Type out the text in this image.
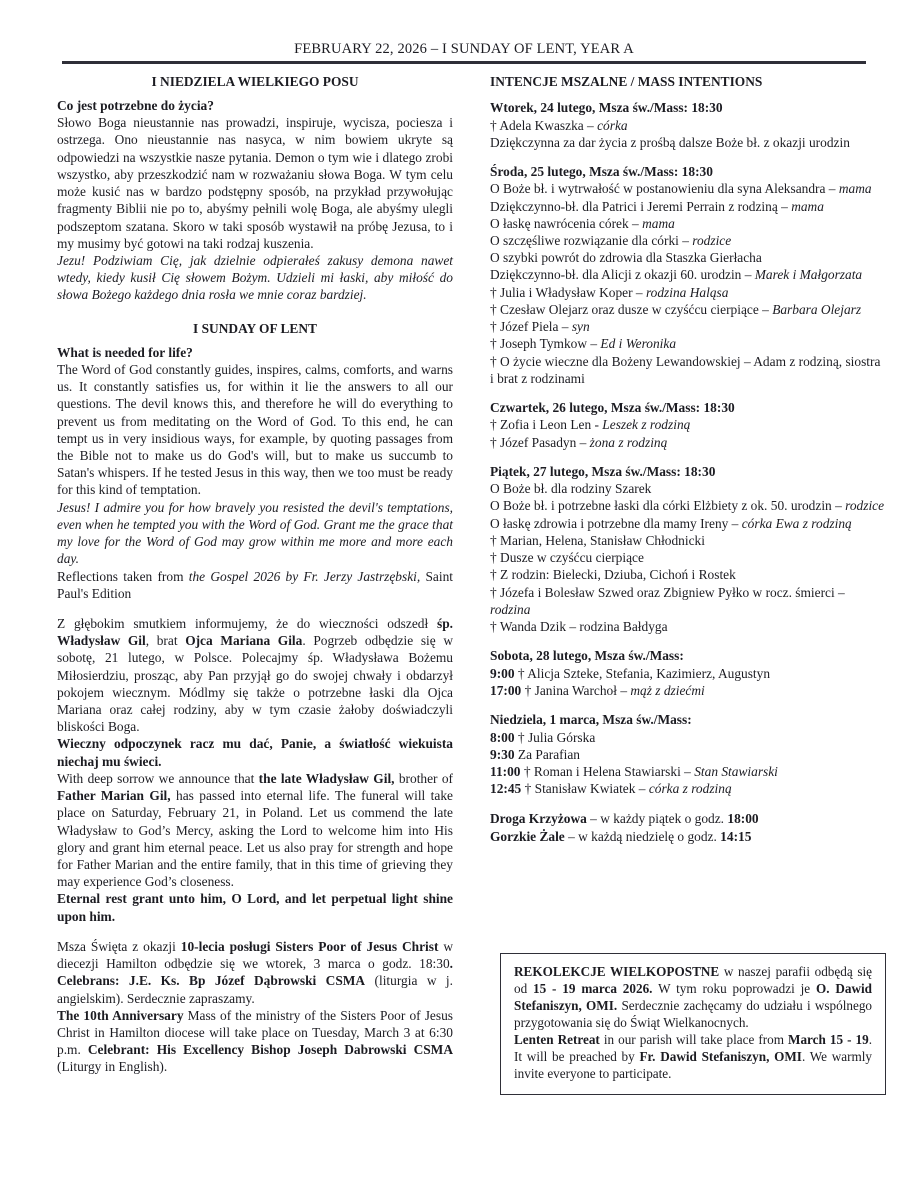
FEBRUARY 22, 2026 – I SUNDAY OF LENT, YEAR A
I NIEDZIELA WIELKIEGO POSU
Co jest potrzebne do życia?

Słowo Boga nieustannie nas prowadzi, inspiruje, wycisza, pociesza i ostrzega. Ono nieustannie nas nasyca, w nim bowiem ukryte są odpowiedzi na wszystkie nasze pytania. Demon o tym wie i dlatego zrobi wszystko, aby przeszkodzić nam w rozważaniu słowa Boga. W tym celu może kusić nas w bardzo podstępny sposób, na przykład przywołując fragmenty Biblii nie po to, abyśmy pełnili wolę Boga, ale abyśmy ulegli podszeptom szatana. Skoro w taki sposób wystawił na próbę Jezusa, to i my musimy być gotowi na taki rodzaj kuszenia.

Jezu! Podziwiam Cię, jak dzielnie odpierałeś zakusy demona nawet wtedy, kiedy kusił Cię słowem Bożym. Udzieli mi łaski, aby miłość do słowa Bożego każdego dnia rosła we mnie coraz bardziej.

I SUNDAY OF LENT
What is needed for life?

The Word of God constantly guides, inspires, calms, comforts, and warns us. It constantly satisfies us, for within it lie the answers to all our questions. The devil knows this, and therefore he will do everything to prevent us from meditating on the Word of God. To this end, he can tempt us in very insidious ways, for example, by quoting passages from the Bible not to make us do God's will, but to make us succumb to Satan's whispers. If he tested Jesus in this way, then we too must be ready for this kind of temptation.

Jesus! I admire you for how bravely you resisted the devil's temptations, even when he tempted you with the Word of God. Grant me the grace that my love for the Word of God may grow within me more and more each day.

Reflections taken from the Gospel 2026 by Fr. Jerzy Jastrzębski, Saint Paul's Edition

Z głębokim smutkiem informujemy, że do wieczności odszedł śp. Władysław Gil, brat Ojca Mariana Gila. Pogrzeb odbędzie się w sobotę, 21 lutego, w Polsce. Polecajmy śp. Władysława Bożemu Miłosierdziu, prosząc, aby Pan przyjął go do swojej chwały i obdarzył pokojem wiecznym. Módlmy się także o potrzebne łaski dla Ojca Mariana oraz całej rodziny, aby w tym czasie żałoby doświadczyli bliskości Boga.

Wieczny odpoczynek racz mu dać, Panie, a światłość wiekuista niechaj mu świeci.

With deep sorrow we announce that the late Władysław Gil, brother of Father Marian Gil, has passed into eternal life. The funeral will take place on Saturday, February 21, in Poland. Let us commend the late Władysław to God’s Mercy, asking the Lord to welcome him into His glory and grant him eternal peace. Let us also pray for strength and hope for Father Marian and the entire family, that in this time of grieving they may experience God’s closeness.

Eternal rest grant unto him, O Lord, and let perpetual light shine upon him.

Msza Święta z okazji 10-lecia posługi Sisters Poor of Jesus Christ w diecezji Hamilton odbędzie się we wtorek, 3 marca o godz. 18:30. Celebrans: J.E. Ks. Bp Józef Dąbrowski CSMA (liturgia w j. angielskim). Serdecznie zapraszamy.

The 10th Anniversary Mass of the ministry of the Sisters Poor of Jesus Christ in Hamilton diocese will take place on Tuesday, March 3 at 6:30 p.m. Celebrant: His Excellency Bishop Joseph Dabrowski CSMA (Liturgy in English).

INTENCJE MSZALNE / MASS INTENTIONS

Wtorek, 24 lutego, Msza św./Mass: 18:30

† Adela Kwaszka – córka

Dziękczynna za dar życia z prośbą dalsze Boże bł. z okazji urodzin

Środa, 25 lutego, Msza św./Mass: 18:30

O Boże bł. i wytrwałość w postanowieniu dla syna Aleksandra – mama

Dziękczynno-bł. dla Patrici i Jeremi Perrain z rodziną – mama

O łaskę nawrócenia córek – mama

O szczęśliwe rozwiązanie dla córki – rodzice

O szybki powrót do zdrowia dla Staszka Gierłacha

Dziękczynno-bł. dla Alicji z okazji 60. urodzin – Marek i Małgorzata

† Julia i Władysław Koper – rodzina Haląsa

† Czesław Olejarz oraz dusze w czyśćcu cierpiące – Barbara Olejarz

† Józef Piela – syn

† Joseph Tymkow – Ed i Weronika

† O życie wieczne dla Bożeny Lewandowskiej – Adam z rodziną, siostra i brat z rodzinami

Czwartek, 26 lutego, Msza św./Mass: 18:30

† Zofia i Leon Len - Leszek z rodziną

† Józef Pasadyn – żona z rodziną

Piątek, 27 lutego, Msza św./Mass: 18:30

O Boże bł. dla rodziny Szarek

O Boże bł. i potrzebne łaski dla córki Elżbiety z ok. 50. urodzin – rodzice

O łaskę zdrowia i potrzebne dla mamy Ireny – córka Ewa z rodziną

† Marian, Helena, Stanisław Chłodnicki

† Dusze w czyśćcu cierpiące

† Z rodzin: Bielecki, Dziuba, Cichoń i Rostek

† Józefa i Bolesław Szwed oraz Zbigniew Pyłko w rocz. śmierci – rodzina

† Wanda Dzik – rodzina Bałdyga

Sobota, 28 lutego, Msza św./Mass:

9:00 † Alicja Szteke, Stefania, Kazimierz, Augustyn

17:00 † Janina Warchoł – mąż z dziećmi

Niedziela, 1 marca, Msza św./Mass:

8:00 † Julia Górska

9:30 Za Parafian

11:00 † Roman i Helena Stawiarski – Stan Stawiarski

12:45 † Stanisław Kwiatek – córka z rodziną

Droga Krzyżowa – w każdy piątek o godz. 18:00

Gorzkie Żale – w każdą niedzielę o godz. 14:15

REKOLEKCJE WIELKOPOSTNE w naszej parafii odbędą się od 15 - 19 marca 2026. W tym roku poprowadzi je O. Dawid Stefaniszyn, OMI. Serdecznie zachęcamy do udziału i wspólnego przygotowania się do Świąt Wielkanocnych.

Lenten Retreat in our parish will take place from March 15 - 19. It will be preached by Fr. Dawid Stefaniszyn, OMI. We warmly invite everyone to participate.
